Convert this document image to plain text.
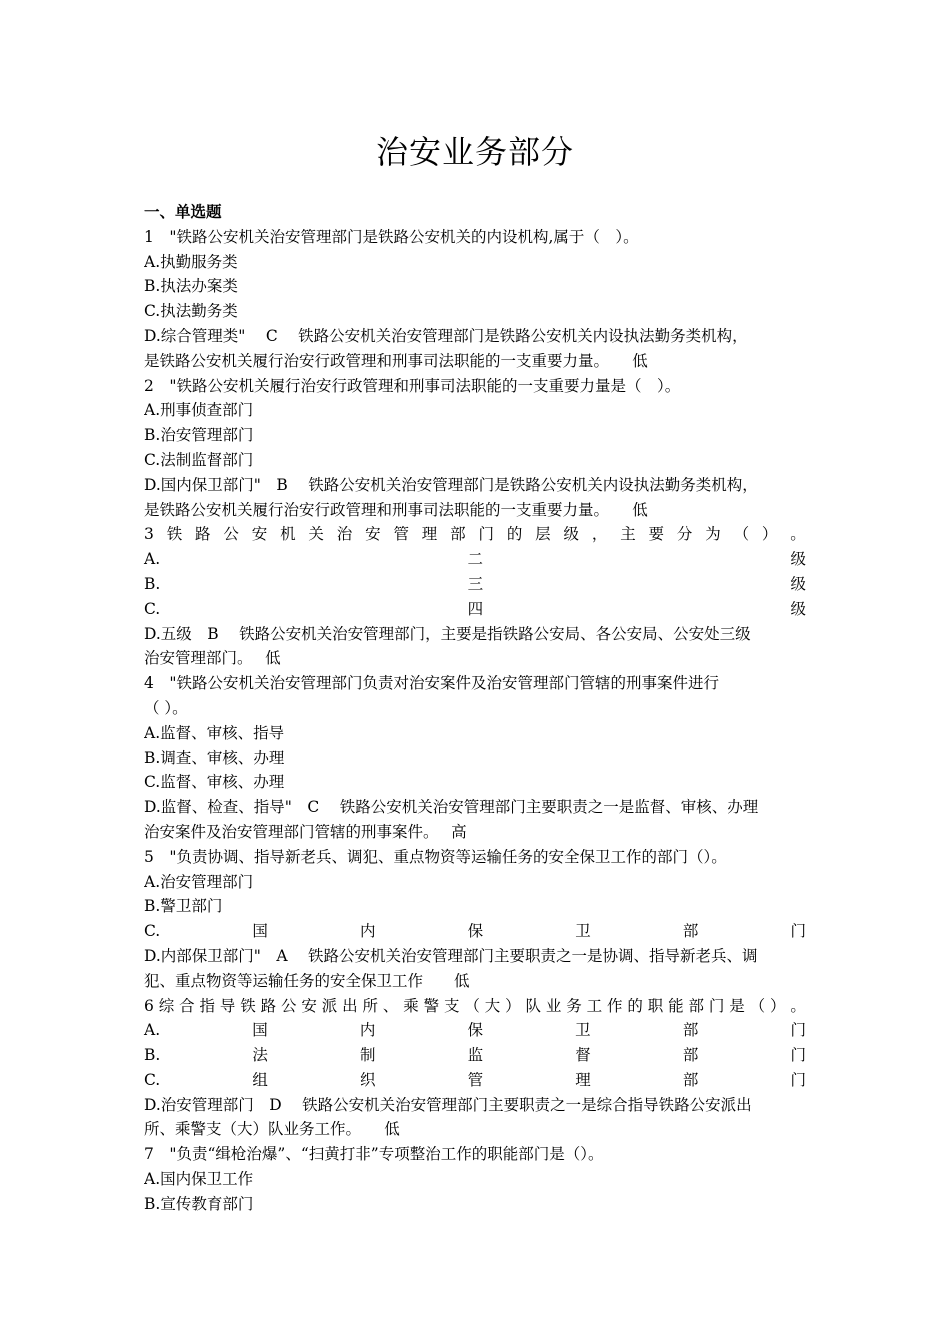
治安业务部分
一、单选题
1　"铁路公安机关治安管理部门是铁路公安机关的内设机构,属于（　）。
A.执勤服务类
B.执法办案类
C.执法勤务类
D.综合管理类"　 C　 铁路公安机关治安管理部门是铁路公安机关内设执法勤务类机构，
是铁路公安机关履行治安行政管理和刑事司法职能的一支重要力量。　　低
2　"铁路公安机关履行治安行政管理和刑事司法职能的一支重要力量是（　）。
A.刑事侦查部门
B.治安管理部门
C.法制监督部门
D.国内保卫部门"　B　 铁路公安机关治安管理部门是铁路公安机关内设执法勤务类机构，
是铁路公安机关履行治安行政管理和刑事司法职能的一支重要力量。　　低
3 铁 路 公 安 机 关 治 安 管 理 部 门 的 层 级 ， 主 要 分 为 （ ） 。
A.	二	级
B.	三	级
C.	四	级
D.五级　B　 铁路公安机关治安管理部门，主要是指铁路公安局、各公安局、公安处三级
治安管理部门。　 低
4　"铁路公安机关治安管理部门负责对治安案件及治安管理部门管辖的刑事案件进行
（ ）。
A.监督、审核、指导
B.调查、审核、办理
C.监督、审核、办理
D.监督、检查、指导"　C　 铁路公安机关治安管理部门主要职责之一是监督、审核、办理
治安案件及治安管理部门管辖的刑事案件。　 高
5　"负责协调、指导新老兵、调犯、重点物资等运输任务的安全保卫工作的部门（）。
A.治安管理部门
B.警卫部门
C.	国	内	保	卫	部	门
D.内部保卫部门"　A　 铁路公安机关治安管理部门主要职责之一是协调、指导新老兵、调
犯、重点物资等运输任务的安全保卫工作　　低
6 综 合 指 导 铁 路 公 安 派 出 所 、 乘 警 支 （ 大 ） 队 业 务 工 作 的 职 能 部 门 是 （ ） 。
A.	国	内	保	卫	部	门
B.	法	制	监	督	部	门
C.	组	织	管	理	部	门
D.治安管理部门　D　 铁路公安机关治安管理部门主要职责之一是综合指导铁路公安派出
所、乘警支（大）队业务工作。　　低
7　"负责“缉枪治爆”、“扫黄打非”专项整治工作的职能部门是（）。
A.国内保卫工作
B.宣传教育部门
